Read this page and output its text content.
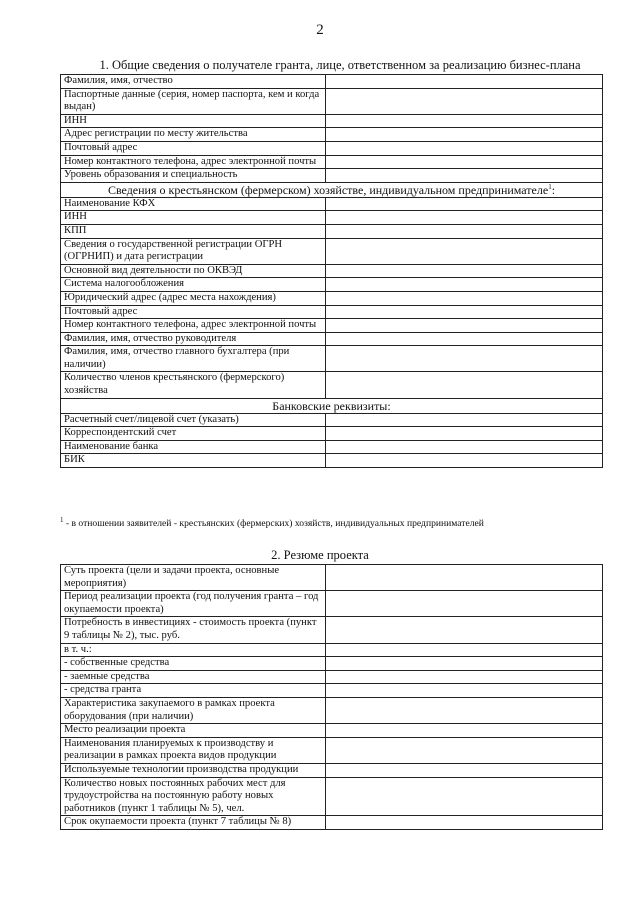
2
1. Общие сведения о получателе гранта, лице, ответственном за реализацию бизнес-плана
Фамилия, имя, отчество	
Паспортные данные (серия, номер паспорта, кем и когда выдан)	
ИНН	
Адрес регистрации по месту жительства	
Почтовый адрес	
Номер контактного телефона, адрес электронной почты	
Уровень образования и специальность	
Сведения о крестьянском (фермерском) хозяйстве, индивидуальном предпринимателе$^1$:	
Наименование КФХ	
ИНН	
КПП	
Сведения о государственной регистрации ОГРН (ОГРНИП) и дата регистрации	
Основной вид деятельности по ОКВЭД	
Система налогообложения	
Юридический адрес (адрес места нахождения)	
Почтовый адрес	
Номер контактного телефона, адрес электронной почты	
Фамилия, имя, отчество руководителя	
Фамилия, имя, отчество главного бухгалтера (при наличии)	
Количество членов крестьянского (фермерского) хозяйства	
Банковские реквизиты:	
Расчетный счет/лицевой счет (указать)	
Корреспондентский счет	
Наименование банка	
БИК	
$^1$ - в отношении заявителей - крестьянских (фермерских) хозяйств, индивидуальных предпринимателей
2. Резюме проекта
Суть проекта (цели и задачи проекта, основные мероприятия)	
Период реализации проекта (год получения гранта – год окупаемости проекта)	
Потребность в инвестициях - стоимость проекта (пункт 9 таблицы № 2), тыс. руб.	
в т. ч.:	
- собственные средства	
- заемные средства	
- средства гранта	
Характеристика закупаемого в рамках проекта оборудования (при наличии)	
Место реализации проекта	
Наименования планируемых к производству и реализации в рамках проекта видов продукции	
Используемые технологии производства продукции	
Количество новых постоянных рабочих мест для трудоустройства на постоянную работу новых работников (пункт 1 таблицы № 5), чел.	
Срок окупаемости проекта (пункт 7 таблицы № 8)	
